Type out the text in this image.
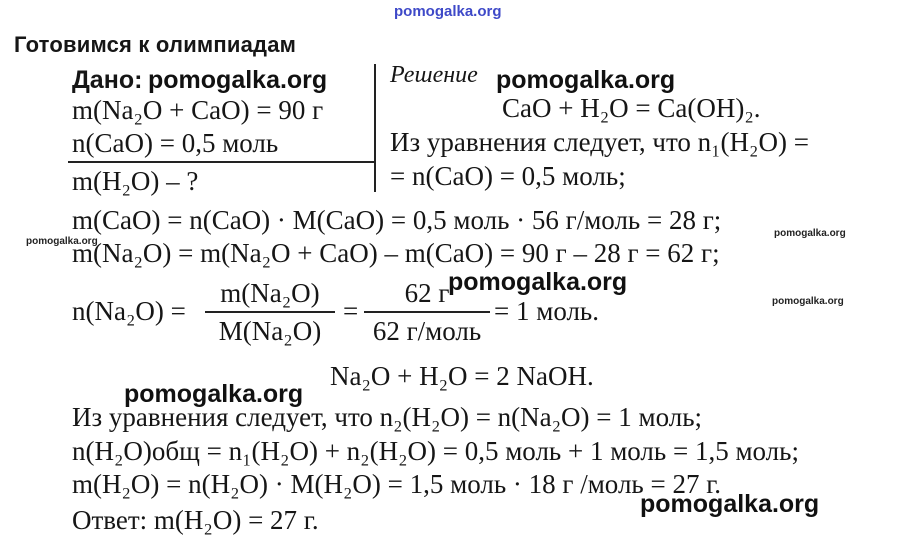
pomogalka.org
Готовимся к олимпиадам
Дано: pomogalka.org
m(Na₂O + CaO) = 90 г
n(CaO) = 0,5 моль
m(H₂O) – ?
Решение pomogalka.org
CaO + H₂O = Ca(OH)₂.
Из уравнения следует, что n₁(H₂O) =
= n(CaO) = 0,5 моль;
m(CaO) = n(CaO) · M(CaO) = 0,5 моль · 56 г/моль = 28 г;
pomogalka.org
pomogalka.org
m(Na₂O) = m(Na₂O + CaO) – m(CaO) = 90 г – 28 г = 62 г;
pomogalka.org
pomogalka.org
n(Na₂O) =
m(Na₂O)
M(Na₂O)
=
62 г
62 г/моль
= 1 моль.
Na₂O + H₂O = 2 NaOH.
pomogalka.org
Из уравнения следует, что n₂(H₂O) = n(Na₂O) = 1 моль;
n(H₂O)общ = n₁(H₂O) + n₂(H₂O) = 0,5 моль + 1 моль = 1,5 моль;
m(H₂O) = n(H₂O) · M(H₂O) = 1,5 моль · 18 г /моль = 27 г.
Ответ: m(H₂O) = 27 г.
pomogalka.org
